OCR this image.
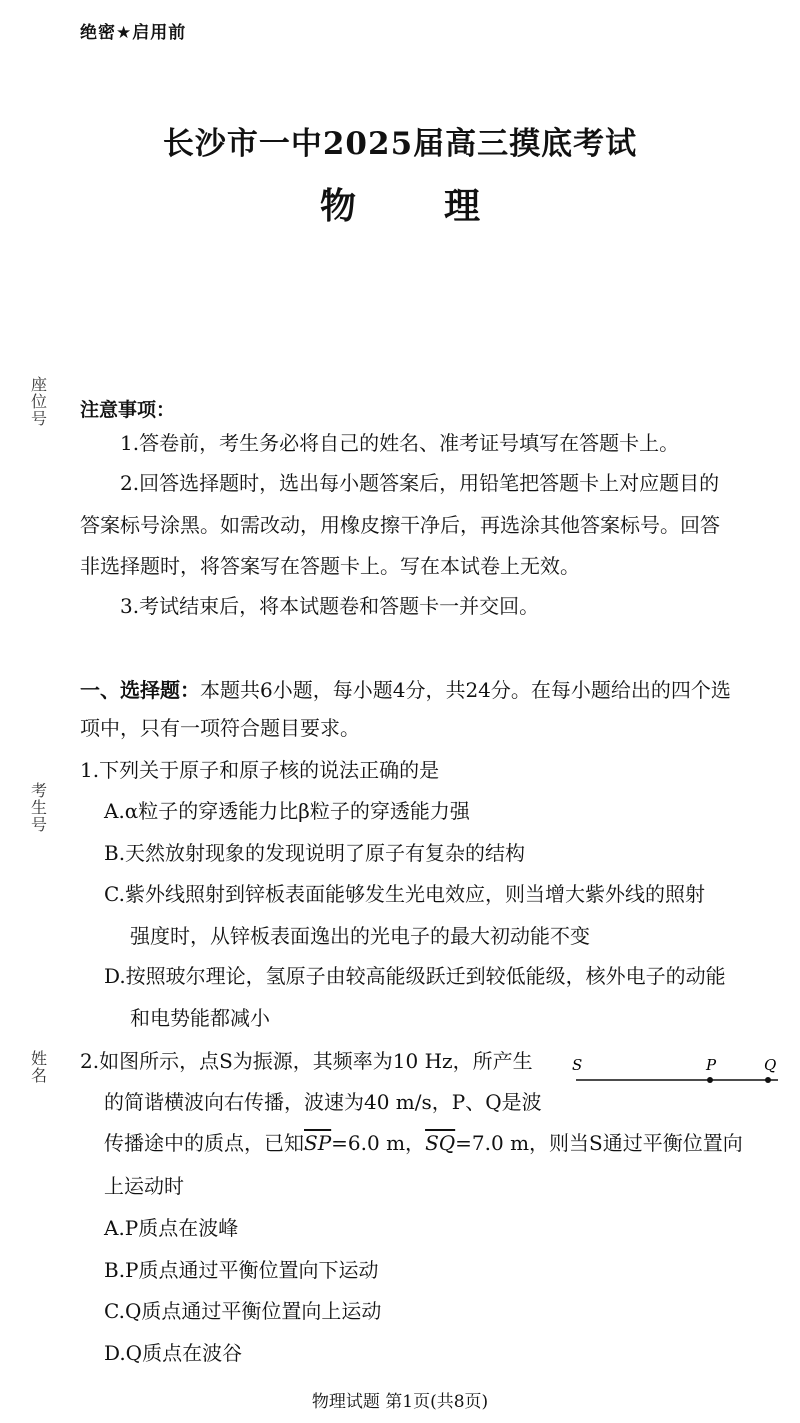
绝密★启用前
长沙市一中2025届高三摸底考试
物 理
座位号
考生号
姓名
注意事项：
1.答卷前，考生务必将自己的姓名、准考证号填写在答题卡上。
2.回答选择题时，选出每小题答案后，用铅笔把答题卡上对应题目的
答案标号涂黑。如需改动，用橡皮擦干净后，再选涂其他答案标号。回答
非选择题时，将答案写在答题卡上。写在本试卷上无效。
3.考试结束后，将本试题卷和答题卡一并交回。
一、选择题：本题共6小题，每小题4分，共24分。在每小题给出的四个选
项中，只有一项符合题目要求。
1.下列关于原子和原子核的说法正确的是
A.α粒子的穿透能力比β粒子的穿透能力强
B.天然放射现象的发现说明了原子有复杂的结构
C.紫外线照射到锌板表面能够发生光电效应，则当增大紫外线的照射
强度时，从锌板表面逸出的光电子的最大初动能不变
D.按照玻尔理论，氢原子由较高能级跃迁到较低能级，核外电子的动能
和电势能都减小
2.如图所示，点S为振源，其频率为10 Hz，所产生
的简谐横波向右传播，波速为40 m/s，P、Q是波
传播途中的质点，已知$\overline{SP}=6.0$ m，$\overline{SQ}=7.0$ m，则当S通过平衡位置向
上运动时
A.P质点在波峰
B.P质点通过平衡位置向下运动
C.Q质点通过平衡位置向上运动
D.Q质点在波谷
S	P	Q
物理试题 第1页(共8页)
